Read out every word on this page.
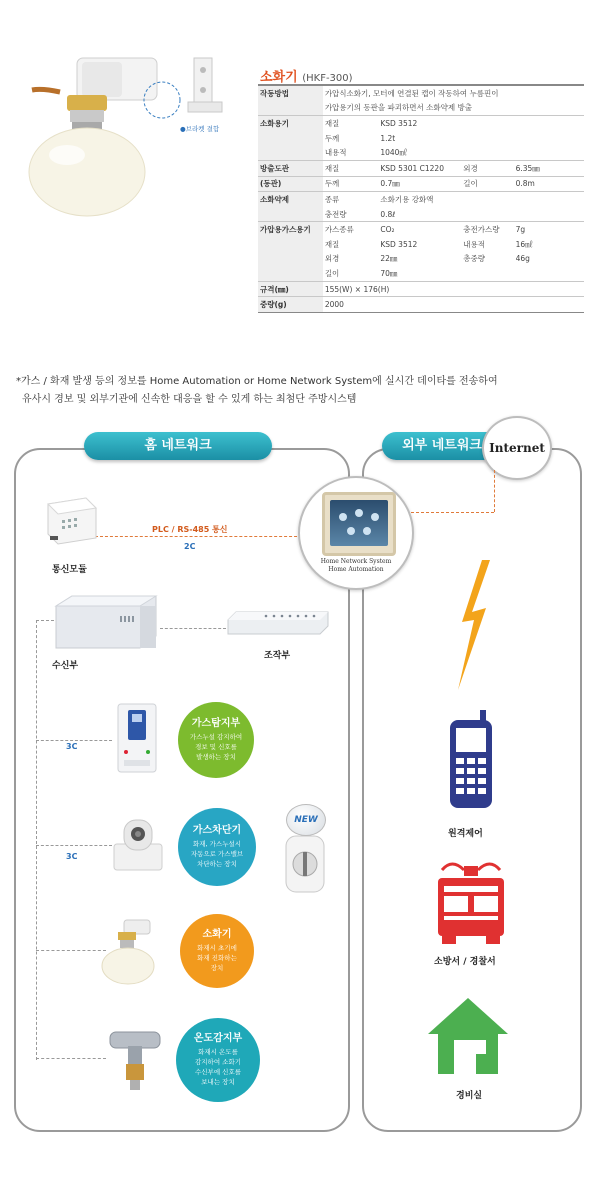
●브라켓 결합
소화기 (HKF-300)
작동방법	가압식소화기, 모터에 연결된 캡이 작동하여 누름핀이			
	가압용기의 동판을 파괴하면서 소화약제 방출			
소화용기	재질	KSD 3512		
	두께	1.2t		
	내용적	1040㎖		
방출도관	재질	KSD 5301 C1220	외경	6.35㎜
(동관)	두께	0.7㎜	길이	0.8m
소화약제	종류	소화기용 강화액		
	충전량	0.8ℓ		
가압용가스용기	가스종류	CO₂	충전가스량	7g
	재질	KSD 3512	내용적	16㎖
	외경	22㎜	총중량	46g
	길이	70㎜		
규격(㎜)	155(W) × 176(H)			
중량(g)	2000			
*가스 / 화재 발생 등의 정보를 Home Automation or Home Network System에 실시간 데이타를 전송하여
유사시 경보 및 외부기관에 신속한 대응을 할 수 있게 하는 최첨단 주방시스템
홈 네트워크	외부 네트워크 Internet
통신모듈
PLC / RS-485 통신
2C
Home Network System
Home Automation
수신부
조작부
3C
3C
NEW
가스탐지부
가스누설 감지하여
경보 및 신호를
발생하는 장치
가스차단기
화재, 가스누설시
자동으로 가스밸브
차단하는 장치
소화기
화재시 초기에
화재 진화하는
장치
온도감지부
화재시 온도를
감지하여 소화기
수신부에 신호를
보내는 장치
원격제어
소방서 / 경찰서
경비실
